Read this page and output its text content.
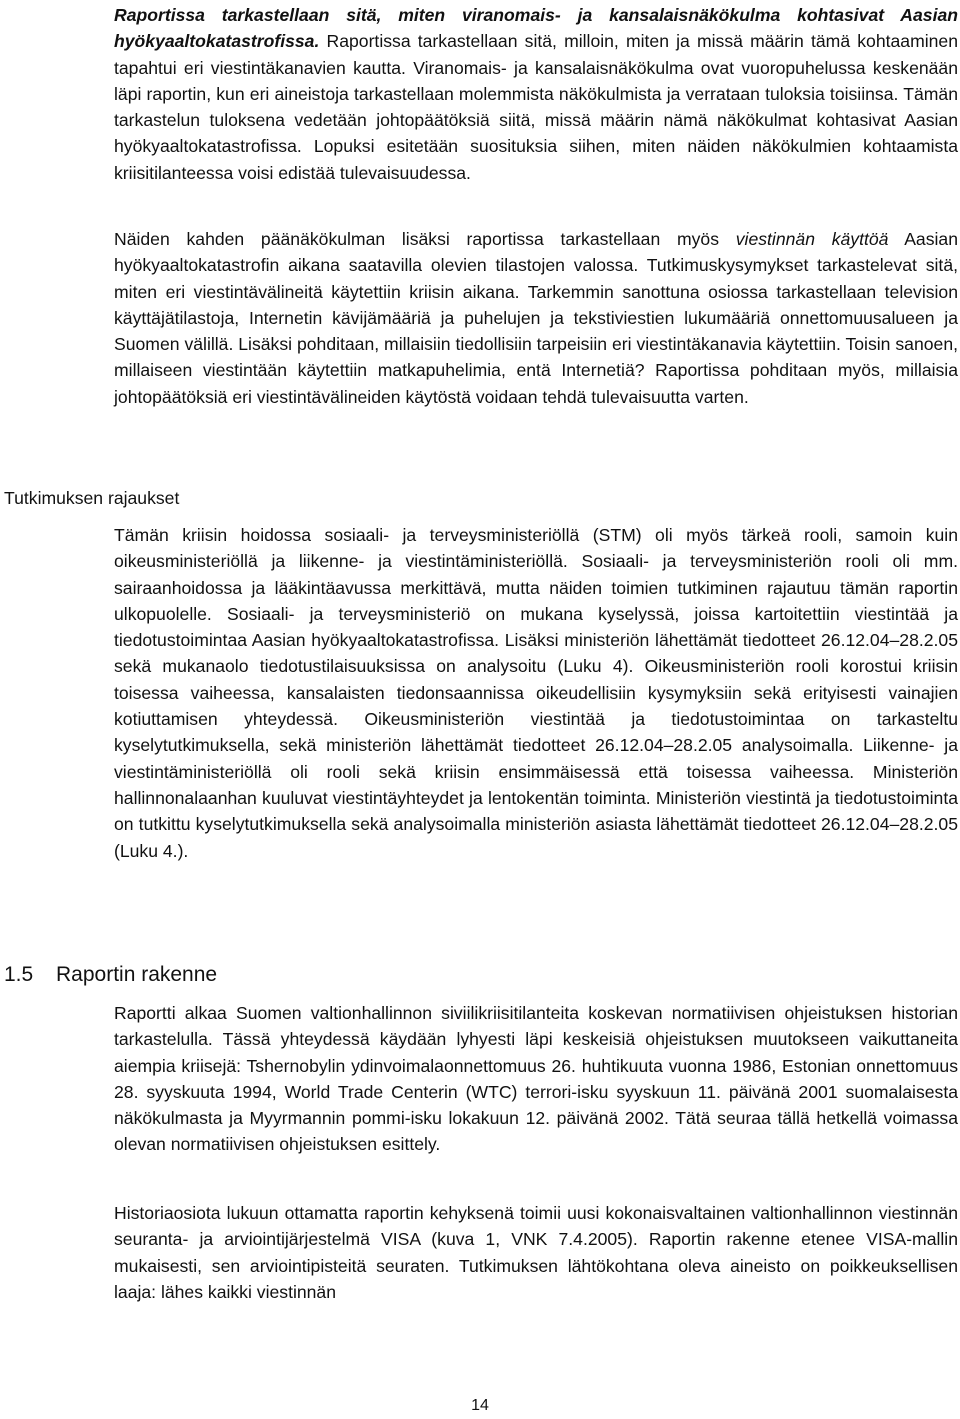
Raportissa tarkastellaan sitä, miten viranomais- ja kansalaisnäkökulma kohtasivat Aasian hyökyaaltokatastrofissa. Raportissa tarkastellaan sitä, milloin, miten ja missä määrin tämä kohtaaminen tapahtui eri viestintäkanavien kautta. Viranomais- ja kansalaisnäkökulma ovat vuoropuhelussa keskenään läpi raportin, kun eri aineistoja tarkastellaan molemmista näkökulmista ja verrataan tuloksia toisiinsa. Tämän tarkastelun tuloksena vedetään johtopäätöksiä siitä, missä määrin nämä näkökulmat kohtasivat Aasian hyökyaaltokatastrofissa. Lopuksi esitetään suosituksia siihen, miten näiden näkökulmien kohtaamista kriisitilanteessa voisi edistää tulevaisuudessa.

Näiden kahden päänäkökulman lisäksi raportissa tarkastellaan myös viestinnän käyttöä Aasian hyökyaaltokatastrofin aikana saatavilla olevien tilastojen valossa. Tutkimuskysymykset tarkastelevat sitä, miten eri viestintävälineitä käytettiin kriisin aikana. Tarkemmin sanottuna osiossa tarkastellaan television käyttäjätilastoja, Internetin kävijämääriä ja puhelujen ja tekstiviestien lukumääriä onnettomuusalueen ja Suomen välillä. Lisäksi pohditaan, millaisiin tiedollisiin tarpeisiin eri viestintäkanavia käytettiin. Toisin sanoen, millaiseen viestintään käytettiin matkapuhelimia, entä Internetiä? Raportissa pohditaan myös, millaisia johtopäätöksiä eri viestintävälineiden käytöstä voidaan tehdä tulevaisuutta varten.

Tutkimuksen rajaukset

Tämän kriisin hoidossa sosiaali- ja terveysministeriöllä (STM) oli myös tärkeä rooli, samoin kuin oikeusministeriöllä ja liikenne- ja viestintäministeriöllä. Sosiaali- ja terveysministeriön rooli oli mm. sairaanhoidossa ja lääkintäavussa merkittävä, mutta näiden toimien tutkiminen rajautuu tämän raportin ulkopuolelle. Sosiaali- ja terveysministeriö on mukana kyselyssä, joissa kartoitettiin viestintää ja tiedotustoimintaa Aasian hyökyaaltokatastrofissa. Lisäksi ministeriön lähettämät tiedotteet 26.12.04–28.2.05 sekä mukanaolo tiedotustilaisuuksissa on analysoitu (Luku 4). Oikeusministeriön rooli korostui kriisin toisessa vaiheessa, kansalaisten tiedonsaannissa oikeudellisiin kysymyksiin sekä erityisesti vainajien kotiuttamisen yhteydessä. Oikeusministeriön viestintää ja tiedotustoimintaa on tarkasteltu kyselytutkimuksella, sekä ministeriön lähettämät tiedotteet 26.12.04–28.2.05 analysoimalla. Liikenne- ja viestintäministeriöllä oli rooli sekä kriisin ensimmäisessä että toisessa vaiheessa. Ministeriön hallinnonalaanhan kuuluvat viestintäyhteydet ja lentokentän toiminta. Ministeriön viestintä ja tiedotustoiminta on tutkittu kyselytutkimuksella sekä analysoimalla ministeriön asiasta lähettämät tiedotteet 26.12.04–28.2.05 (Luku 4.).

1.5 Raportin rakenne

Raportti alkaa Suomen valtionhallinnon siviilikriisitilanteita koskevan normatiivisen ohjeistuksen historian tarkastelulla. Tässä yhteydessä käydään lyhyesti läpi keskeisiä ohjeistuksen muutokseen vaikuttaneita aiempia kriisejä: Tshernobylin ydinvoimalaonnettomuus 26. huhtikuuta vuonna 1986, Estonian onnettomuus 28. syyskuuta 1994, World Trade Centerin (WTC) terrori-isku syyskuun 11. päivänä 2001 suomalaisesta näkökulmasta ja Myyrmannin pommi-isku lokakuun 12. päivänä 2002. Tätä seuraa tällä hetkellä voimassa olevan normatiivisen ohjeistuksen esittely.

Historiaosiota lukuun ottamatta raportin kehyksenä toimii uusi kokonaisvaltainen valtionhallinnon viestinnän seuranta- ja arviointijärjestelmä VISA (kuva 1, VNK 7.4.2005). Raportin rakenne etenee VISA-mallin mukaisesti, sen arviointipisteitä seuraten. Tutkimuksen lähtökohtana oleva aineisto on poikkeuksellisen laaja: lähes kaikki viestinnän

14
